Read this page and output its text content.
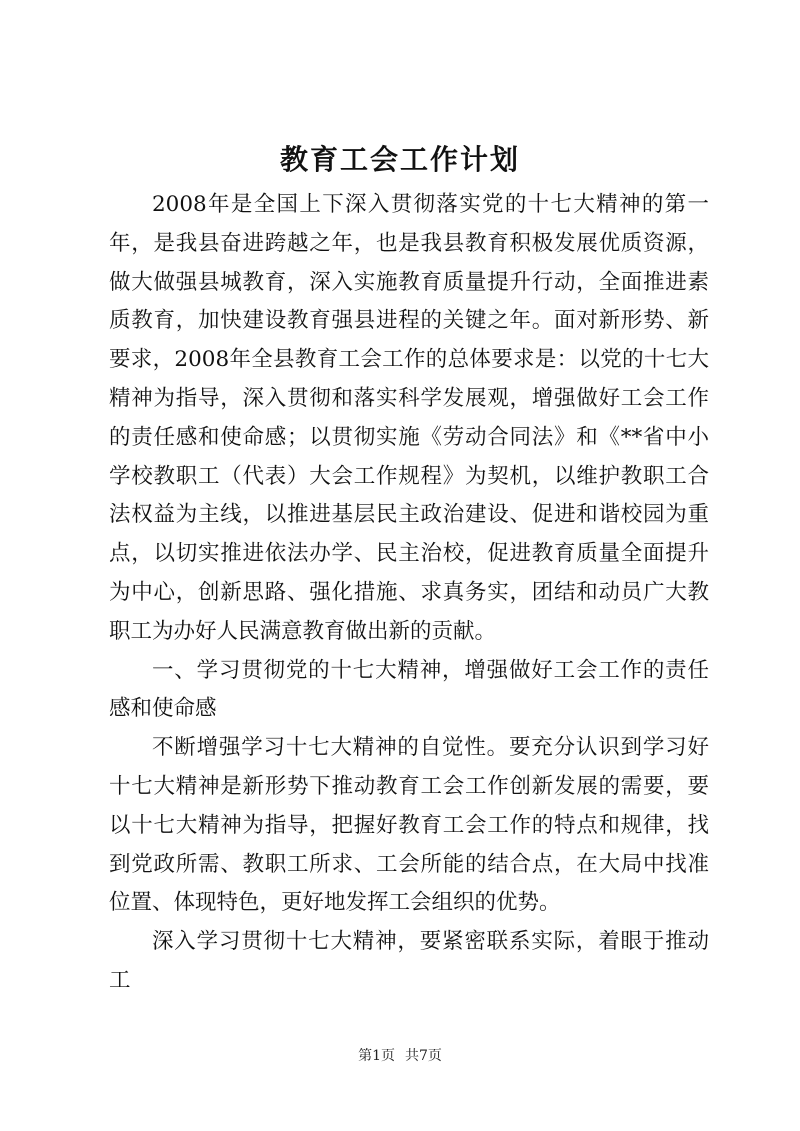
教育工会工作计划

2008年是全国上下深入贯彻落实党的十七大精神的第一年，是我县奋进跨越之年，也是我县教育积极发展优质资源，做大做强县城教育，深入实施教育质量提升行动，全面推进素质教育，加快建设教育强县进程的关键之年。面对新形势、新要求，2008年全县教育工会工作的总体要求是：以党的十七大精神为指导，深入贯彻和落实科学发展观，增强做好工会工作的责任感和使命感；以贯彻实施《劳动合同法》和《**省中小学校教职工（代表）大会工作规程》为契机，以维护教职工合法权益为主线，以推进基层民主政治建设、促进和谐校园为重点，以切实推进依法办学、民主治校，促进教育质量全面提升为中心，创新思路、强化措施、求真务实，团结和动员广大教职工为办好人民满意教育做出新的贡献。

一、学习贯彻党的十七大精神，增强做好工会工作的责任感和使命感

不断增强学习十七大精神的自觉性。要充分认识到学习好十七大精神是新形势下推动教育工会工作创新发展的需要，要以十七大精神为指导，把握好教育工会工作的特点和规律，找到党政所需、教职工所求、工会所能的结合点，在大局中找准位置、体现特色，更好地发挥工会组织的优势。

深入学习贯彻十七大精神，要紧密联系实际，着眼于推动工

第1页 共7页
